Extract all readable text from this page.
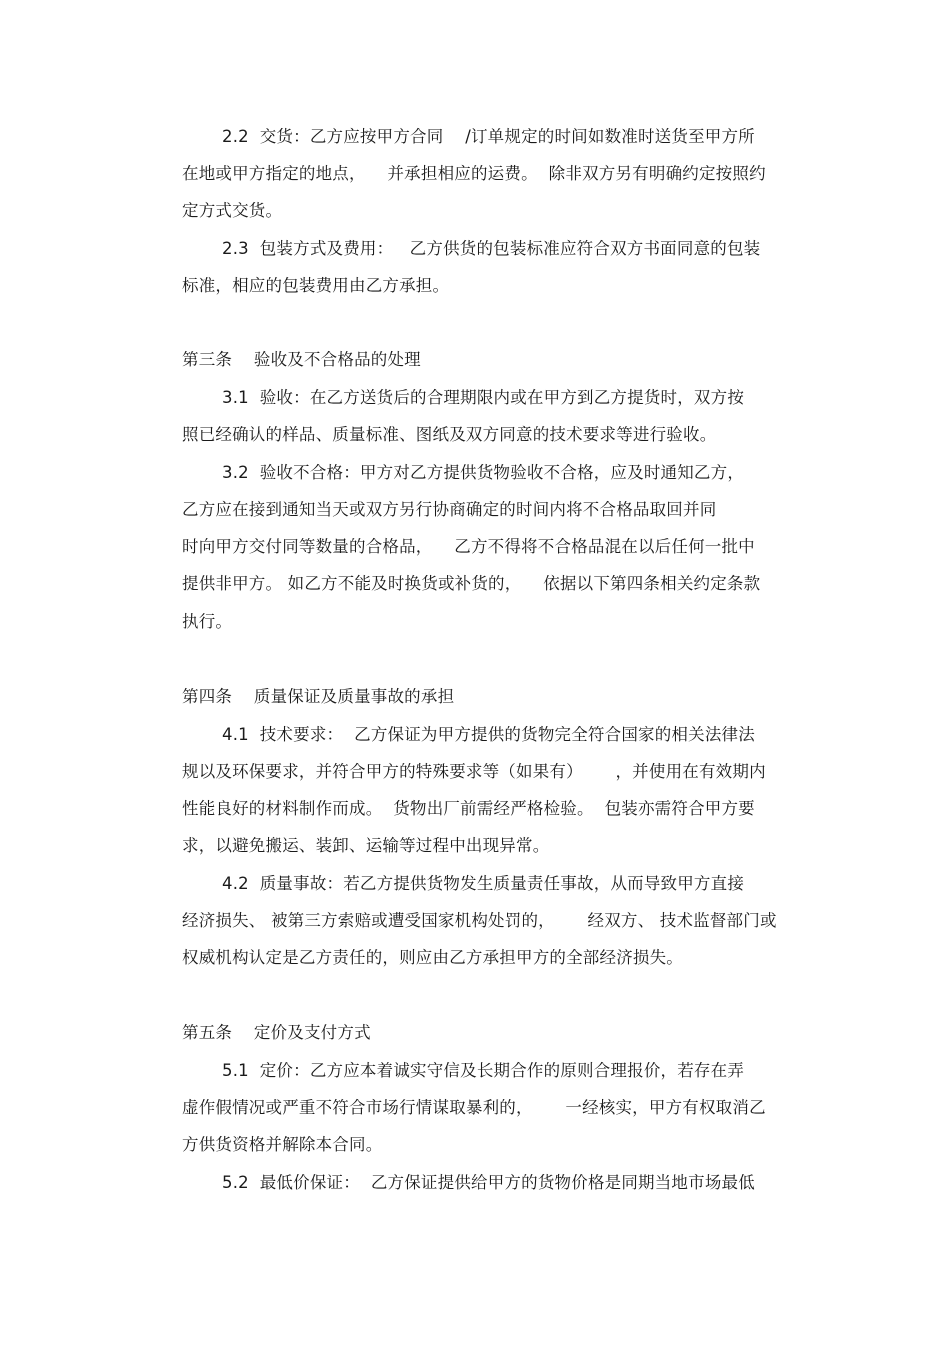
2.2  交货：乙方应按甲方合同    /订单规定的时间如数准时送货至甲方所
在地或甲方指定的地点，    并承担相应的运费。  除非双方另有明确约定按照约
定方式交货。
2.3  包装方式及费用：   乙方供货的包装标准应符合双方书面同意的包装
标准，相应的包装费用由乙方承担。
第三条    验收及不合格品的处理
3.1  验收：在乙方送货后的合理期限内或在甲方到乙方提货时，双方按
照已经确认的样品、质量标准、图纸及双方同意的技术要求等进行验收。
3.2  验收不合格：甲方对乙方提供货物验收不合格，应及时通知乙方，
乙方应在接到通知当天或双方另行协商确定的时间内将不合格品取回并同
时向甲方交付同等数量的合格品，    乙方不得将不合格品混在以后任何一批中
提供非甲方。 如乙方不能及时换货或补货的，    依据以下第四条相关约定条款
执行。
第四条    质量保证及质量事故的承担
4.1  技术要求：  乙方保证为甲方提供的货物完全符合国家的相关法律法
规以及环保要求，并符合甲方的特殊要求等（如果有）      ，并使用在有效期内
性能良好的材料制作而成。  货物出厂前需经严格检验。  包装亦需符合甲方要
求，以避免搬运、装卸、运输等过程中出现异常。
4.2  质量事故：若乙方提供货物发生质量责任事故，从而导致甲方直接
经济损失、 被第三方索赔或遭受国家机构处罚的，      经双方、 技术监督部门或
权威机构认定是乙方责任的，则应由乙方承担甲方的全部经济损失。
第五条    定价及支付方式
5.1  定价：乙方应本着诚实守信及长期合作的原则合理报价，若存在弄
虚作假情况或严重不符合市场行情谋取暴利的，      一经核实，甲方有权取消乙
方供货资格并解除本合同。
5.2  最低价保证：  乙方保证提供给甲方的货物价格是同期当地市场最低
